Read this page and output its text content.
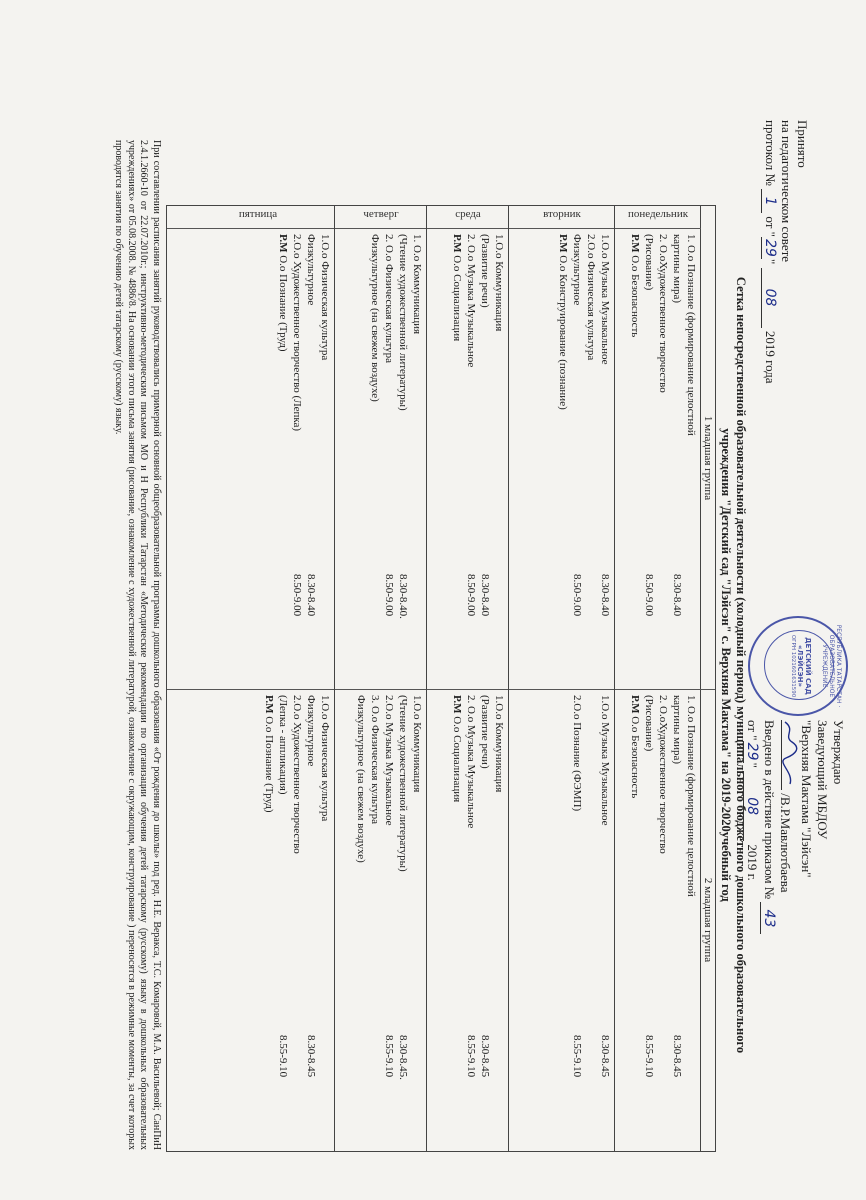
Принято
на педагогическом совете
протокол № 1 от "29" 08 2019 года
РЕСПУБЛИКА ТАТАРСТАН · ОБРАЗОВАТЕЛЬНОЕ УЧРЕЖДЕНИЕ
ДЕТСКИЙ САД «ЛЭЙСЭН»
ОГРН 1021601631590
Утверждаю
Заведующий МБДОУ
"Верхняя Мактама "Лэйсэн"
/В.Р.Мавлютбаева
Введено в действие приказом № 43
от "29" 08 2019 г.
Сетка непосредственной образовательной деятельности (холодный период) муниципального бюджетного дошкольного образовательного
учреждения "Детский сад "Лэйсэн" с. Верхняя Мактама" на 2019-2020учебный год
1 младшая группа
2 младшая группа
понедельник
1. О.о Познание (формирование целостной
картины мира)
8.30-8.40
2. О.оХудожественное творчество
(Рисование)
8.50-9.00
Р.М О.о Безопасность
1. О.о Познание (формирование целостной
картины мира)
8.30-8.45
2. О.оХудожественное творчество
(Рисование)
8.55-9.10
Р.М О.о Безопасность
вторник
1.О.о Музыка Музыкальное
8.30-8.40
2.О.о Физическая культура
Физкультурное
8.50-9.00
Р.М О.о Конструирование (познание)
1.О.о Музыка Музыкальное
8.30-8.45
2.О.о Познание (ФЭМП)
8.55-9.10
среда
1.О.о Коммуникация
(Развитие речи)
8.30-8.40
2. О.о Музыка Музыкальное
8.50-9.00
Р.М О.о Социализация
1.О.о Коммуникация
(Развитие речи)
8.30-8.45
2. О.о Музыка Музыкальное
8.55-9.10
Р.М О.о Социализация
четверг
1. О.о Коммуникация
(Чтение художественной литературы)
8.30-8.40.
2. О.о Физическая культура
8.50-9.00
Физкультурное (на свежем воздухе)
1.О.о Коммуникация
(Чтение художественной литературы)
8.30-8.45.
2.О.о Музыка Музыкальное
8.55-9.10
3. О.о Физическая культура
Физкультурное (на свежем воздухе)
пятница
1.О.о Физическая культура
Физкультурное
8.30-8.40
2.О.о Художественное творчество (Лепка)
8.50-9.00
Р.М О.о Познание (Труд)
1.О.о Физическая культура
Физкультурное
8.30-8.45
2.О.о Художественное творчество
(Лепка - аппликация)
8.55-9.10
Р.М О.о Познание (Труд)
При составлении расписания занятий руководствовались примерной основной общеобразовательной программы дошкольного образования «От рождения до школы» под ред. Н.Е. Веракса, Т.С. Комаровой, М.А. Васильевой; СанПиН 2.4.1.2660-10 от 22.07.2010г.; инструктивно-методическим письмом МО и Н Республики Татарстан «Методические рекомендации по организации обучения детей татарскому (русскому) языку в дошкольных образовательных учреждениях» от 05.08.2008. № 4886/8. На основании этого письма занятия (рисование, ознакомление с художественной литературой, ознакомление с окружающим, конструирование ) переносятся в режимные моменты, за счет которых проводятся занятия по обучению детей татарскому (русскому) языку.
